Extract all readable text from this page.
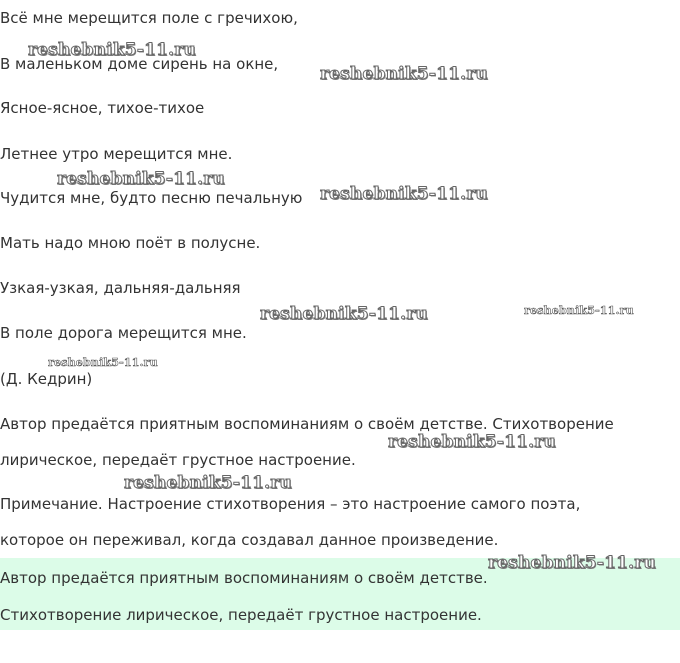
Всё мне мерещится поле с гречихою,
В маленьком доме сирень на окне,
Ясное-ясное, тихое-тихое
Летнее утро мерещится мне.
Чудится мне, будто песню печальную
Мать надо мною поёт в полусне.
Узкая-узкая, дальняя-дальняя
В поле дорога мерещится мне.
(Д. Кедрин)
Автор предаётся приятным воспоминаниям о своём детстве. Стихотворение
лирическое, передаёт грустное настроение.
Примечание. Настроение стихотворения – это настроение самого поэта,
которое он переживал, когда создавал данное произведение.
Автор предаётся приятным воспоминаниям о своём детстве.
Стихотворение лирическое, передаёт грустное настроение.
reshebnik5-11.ru
reshebnik5-11.ru
reshebnik5-11.ru
reshebnik5-11.ru
reshebnik5-11.ru	reshebnik5-11.ru
reshebnik5-11.ru
reshebnik5-11.ru
reshebnik5-11.ru
reshebnik5-11.ru
